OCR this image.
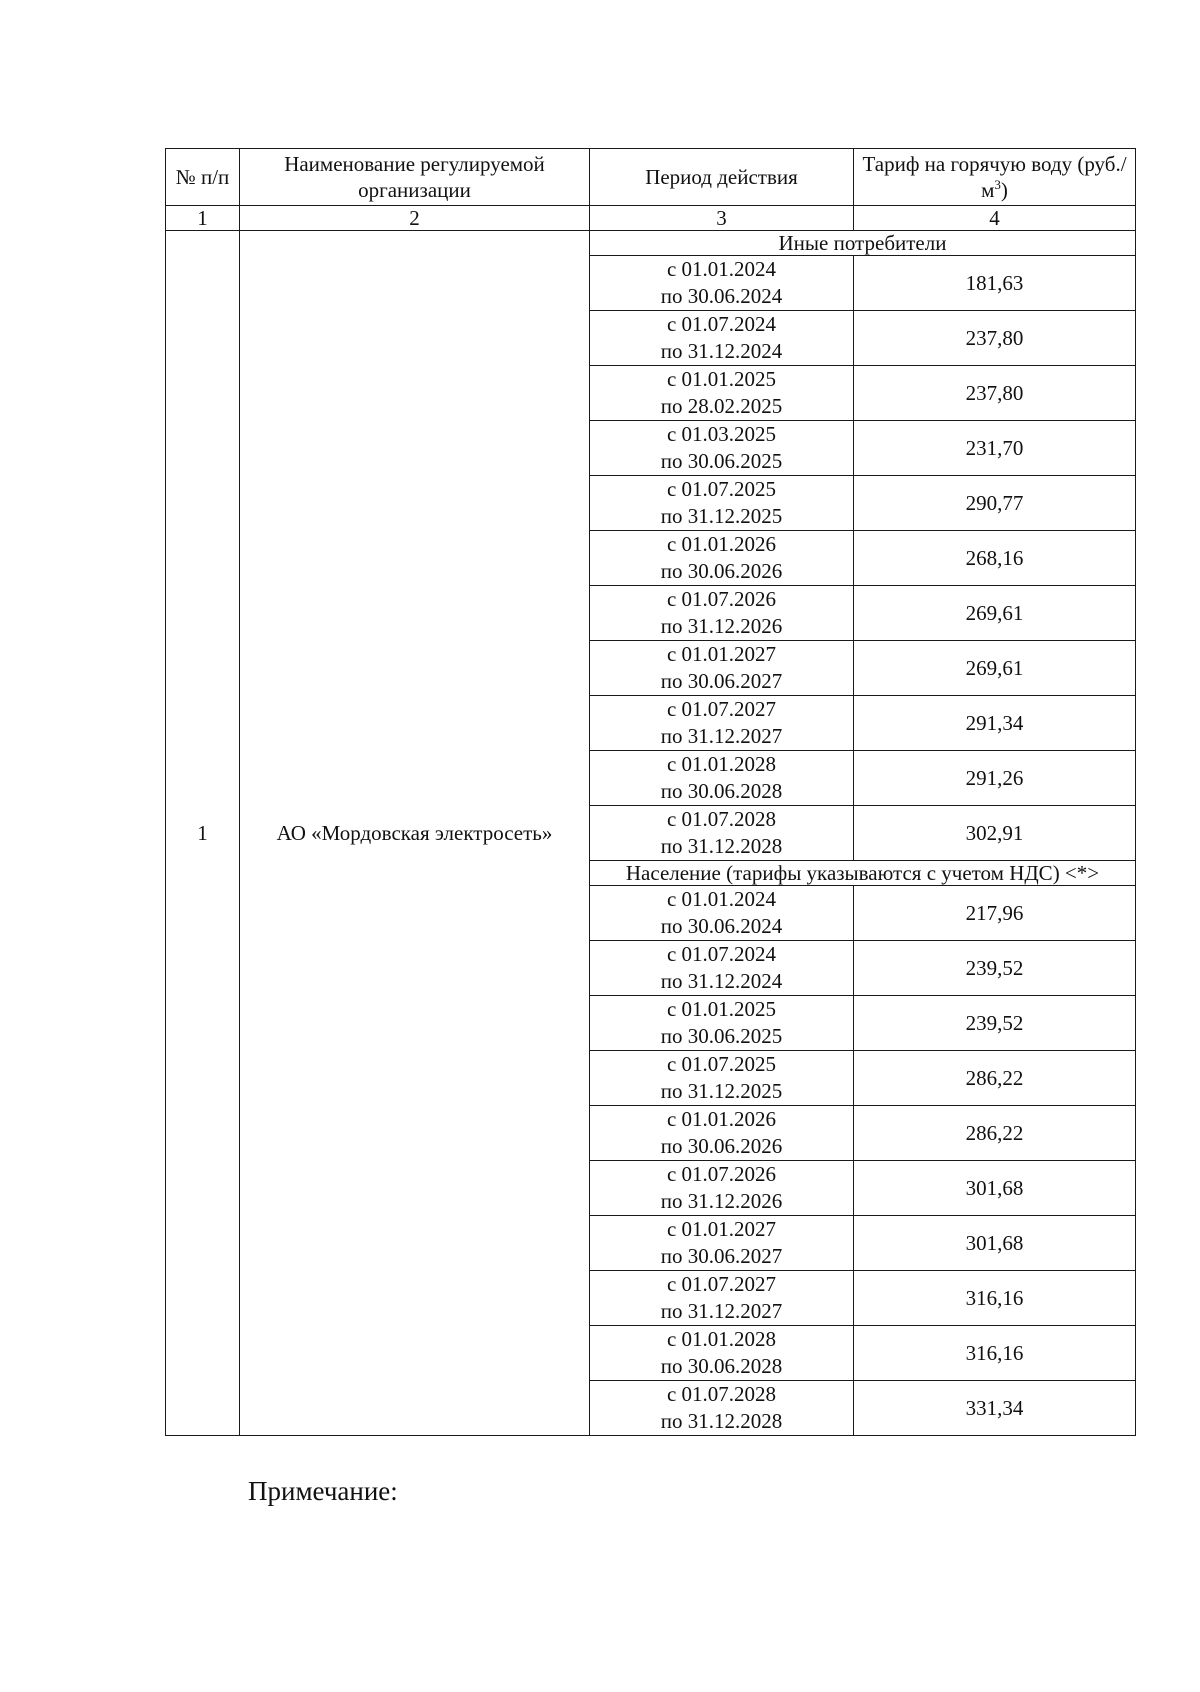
№ п/п	Наименование регулируемой организации	Период действия	Тариф на горячую воду $(руб./м^3)$
1	2	3	4
1	АО «Мордовская электросеть»	Иные потребители	

		с 01.01.2024
по 30.06.2024	181,63

		с 01.07.2024
по 31.12.2024	237,80

		с 01.01.2025
по 28.02.2025	237,80

		с 01.03.2025
по 30.06.2025	231,70

		с 01.07.2025
по 31.12.2025	290,77

		с 01.01.2026
по 30.06.2026	268,16

		с 01.07.2026
по 31.12.2026	269,61

		с 01.01.2027
по 30.06.2027	269,61

		с 01.07.2027
по 31.12.2027	291,34

		с 01.01.2028
по 30.06.2028	291,26

		с 01.07.2028
по 31.12.2028	302,91
		Население (тарифы указываются с учетом НДС) <*>	

		с 01.01.2024
по 30.06.2024	217,96

		с 01.07.2024
по 31.12.2024	239,52

		с 01.01.2025
по 30.06.2025	239,52

		с 01.07.2025
по 31.12.2025	286,22

		с 01.01.2026
по 30.06.2026	286,22

		с 01.07.2026
по 31.12.2026	301,68

		с 01.01.2027
по 30.06.2027	301,68

		с 01.07.2027
по 31.12.2027	316,16

		с 01.01.2028
по 30.06.2028	316,16

		с 01.07.2028
по 31.12.2028	331,34
Примечание:
